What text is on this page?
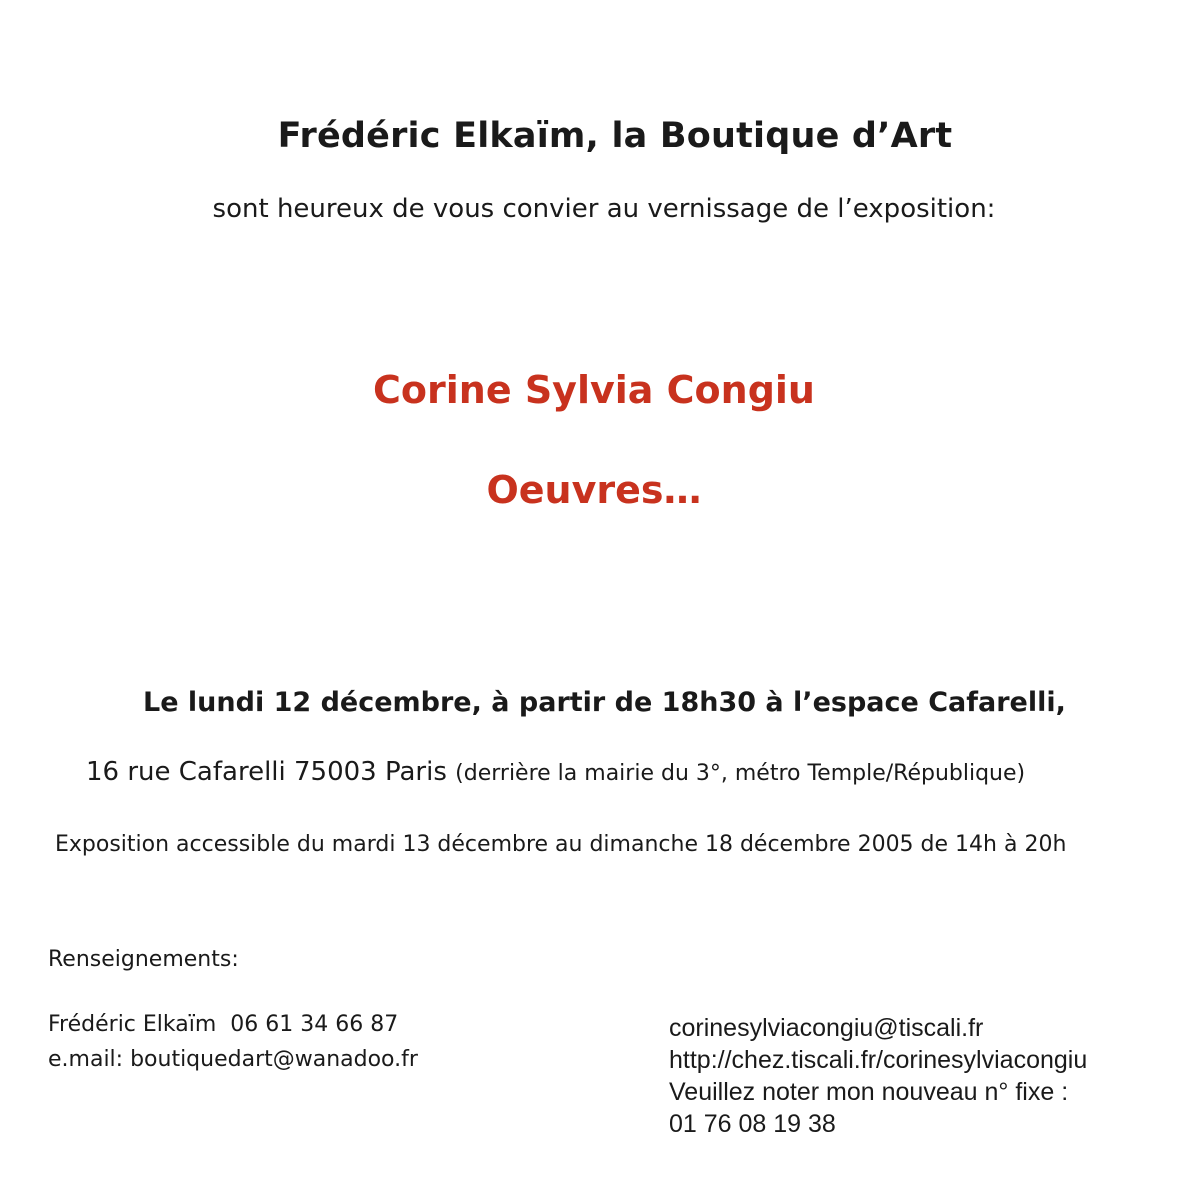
Frédéric Elkaïm, la Boutique d’Art
sont heureux de vous convier au vernissage de l’exposition:
Corine Sylvia Congiu
Oeuvres…
Le lundi 12 décembre, à partir de 18h30 à l’espace Cafarelli,
16 rue Cafarelli 75003 Paris (derrière la mairie du 3°, métro Temple/République)
Exposition accessible du mardi 13 décembre au dimanche 18 décembre 2005 de 14h à 20h
Renseignements:
Frédéric Elkaïm  06 61 34 66 87
e.mail: boutiquedart@wanadoo.fr
corinesylviacongiu@tiscali.fr
http://chez.tiscali.fr/corinesylviacongiu
Veuillez noter mon nouveau n° fixe :
01 76 08 19 38
